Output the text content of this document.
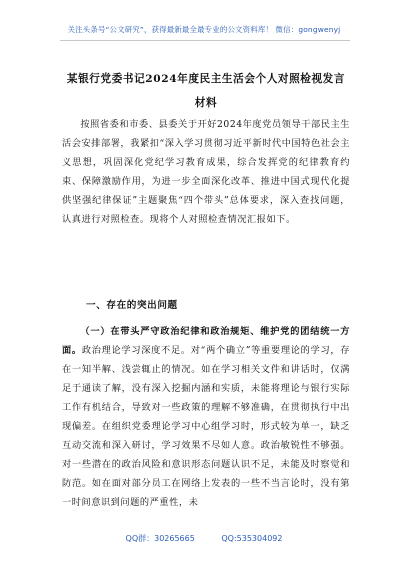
关注头条号“公文研究”，获得最新最全最专业的公文资料库！ 微信：gongwenyj
某银行党委书记2024年度民主生活会个人对照检视发言材料
按照省委和市委、县委关于开好2024年度党员领导干部民主生活会安排部署，我紧扣“深入学习贯彻习近平新时代中国特色社会主义思想，巩固深化党纪学习教育成果，综合发挥党的纪律教育约束、保障激励作用，为进一步全面深化改革、推进中国式现代化提供坚强纪律保证”主题聚焦“四个带头”总体要求，深入查找问题，认真进行对照检查。现将个人对照检查情况汇报如下。
一、存在的突出问题
（一）在带头严守政治纪律和政治规矩、维护党的团结统一方面。政治理论学习深度不足。对“两个确立”等重要理论的学习，存在一知半解、浅尝辄止的情况。如在学习相关文件和讲话时，仅满足于通读了解，没有深入挖掘内涵和实质，未能将理论与银行实际工作有机结合，导致对一些政策的理解不够准确，在贯彻执行中出现偏差。在组织党委理论学习中心组学习时，形式较为单一，缺乏互动交流和深入研讨，学习效果不尽如人意。政治敏锐性不够强。对一些潜在的政治风险和意识形态问题认识不足，未能及时察觉和防范。如在面对部分员工在网络上发表的一些不当言论时，没有第一时间意识到问题的严重性，未
QQ群：30265665	QQ:535304092
